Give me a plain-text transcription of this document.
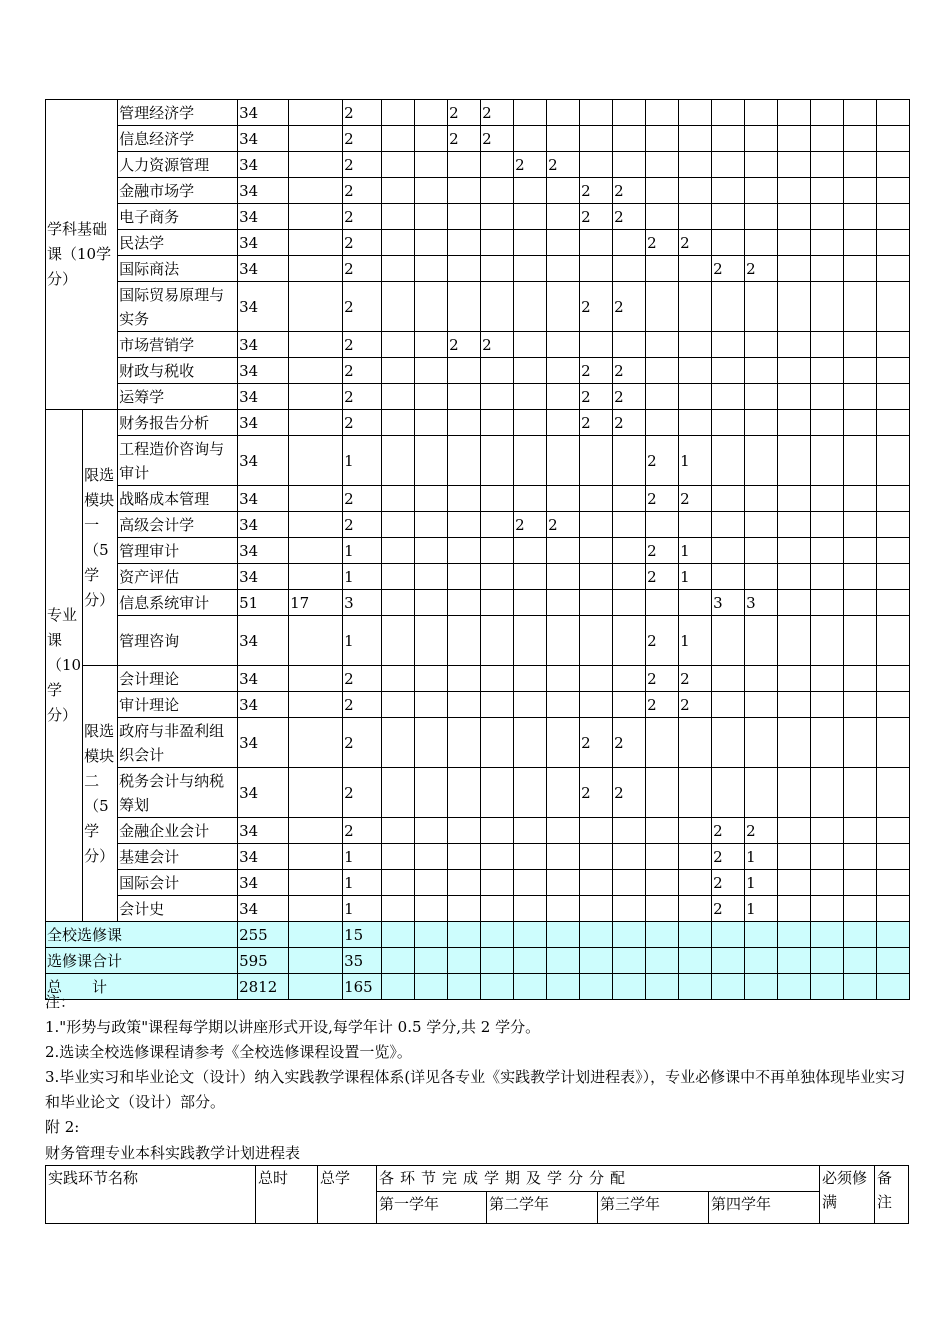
学科基础课（10学分）		管理经济学	34		2			2	2												
		信息经济学	34		2			2	2												
		人力资源管理	34		2					2	2										
		金融市场学	34		2							2	2								
		电子商务	34		2							2	2								
		民法学	34		2									2	2						
		国际商法	34		2											2	2				
		国际贸易原理与实务	34		2							2	2								
		市场营销学	34		2			2	2												
		财政与税收	34		2							2	2								
		运筹学	34		2							2	2								
专业课（10学分）	限选模块一（5学分）	财务报告分析	34		2							2	2								
		工程造价咨询与审计	34		1									2	1						
		战略成本管理	34		2									2	2						
		高级会计学	34		2					2	2										
		管理审计	34		1									2	1						
		资产评估	34		1									2	1						
		信息系统审计	51	17	3											3	3				
		管理咨询	34		1									2	1						
	限选模块二（5学分）	会计理论	34		2									2	2						
		审计理论	34		2									2	2						
		政府与非盈利组织会计	34		2							2	2								
		税务会计与纳税筹划	34		2							2	2								
		金融企业会计	34		2											2	2				
		基建会计	34		1											2	1				
		国际会计	34		1											2	1				
		会计史	34		1											2	1				
全校选修课			255		15																
选修课合计			595		35																
总　　计			2812		165																
注：
1."形势与政策"课程每学期以讲座形式开设,每学年计 0.5 学分,共 2 学分。
2.选读全校选修课程请参考《全校选修课程设置一览》。
3.毕业实习和毕业论文（设计）纳入实践教学课程体系(详见各专业《实践教学计划进程表》），专业必修课中不再单独体现毕业实习和毕业论文（设计）部分。
附 2:
财务管理专业本科实践教学计划进程表
实践环节名称	总时	总学	各环节完成学期及学分分配				必须修满	备注
			第一学年	第二学年	第三学年	第四学年		
